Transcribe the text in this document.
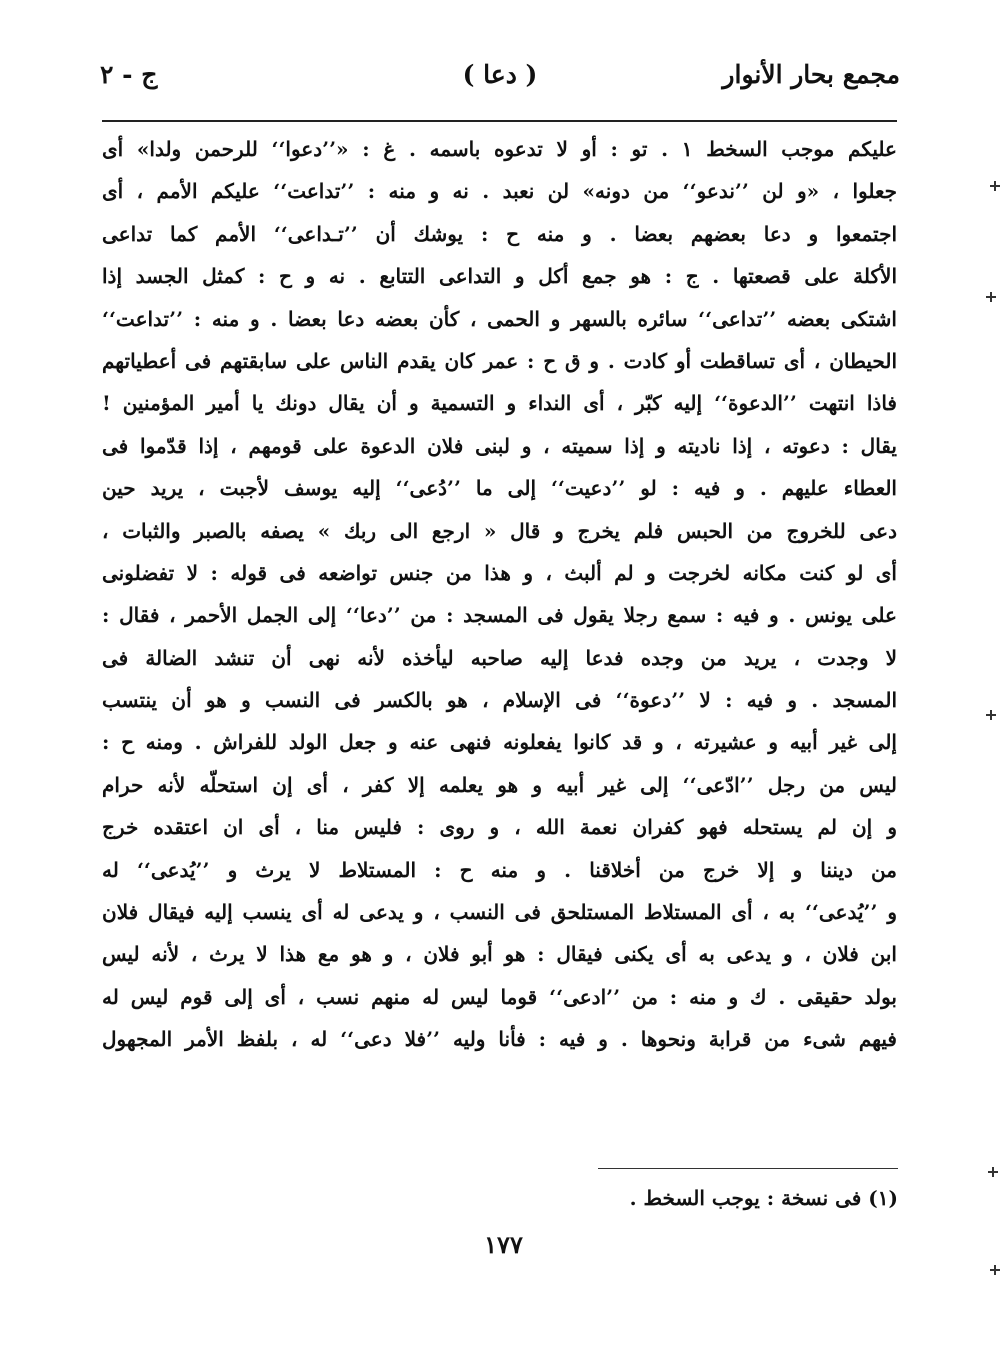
مجمع بحار الأنوار
( دعا )
ج - ٢
عليكم موجب السخط ١ . تو : أو لا تدعوه باسمه . غ : «’’دعوا‘‘ للرحمن ولدا» أى
جعلوا ، «و لن ’’ندعو‘‘ من دونه» لن نعبد . نه و منه : ’’تداعت‘‘ عليكم الأمم ، أى
اجتمعوا و دعا بعضهم بعضا . و منه ح : يوشك أن ’’تـداعى‘‘ الأمم كما تداعى
الأكلة على قصعتها . ج : هو جمع أكل و التداعى التتابع . نه و ح : كمثل الجسد إذا
اشتكى بعضه ’’تداعى‘‘ سائره بالسهر و الحمى ، كأن بعضه دعا بعضا . و منه : ’’تداعت‘‘
الحيطان ، أى تساقطت أو كادت . و ق ح : عمر كان يقدم الناس على سابقتهم فى أعطياتهم
فاذا انتهت ’’الدعوة‘‘ إليه كبّر ، أى النداء و التسمية و أن يقال دونك يا أمير المؤمنين !
يقال : دعوته ، إذا ناديته و إذا سميته ، و لبنى فلان الدعوة على قومهم ، إذا قدّموا فى
العطاء عليهم . و فيه : لو ’’دعيت‘‘ إلى ما ’’دُعى‘‘ إليه يوسف لأجبت ، يريد حين
دعى للخروج من الحبس فلم يخرج و قال « ارجع الى ربك » يصفه بالصبر والثبات ،
أى لو كنت مكانه لخرجت و لم ألبث ، و هذا من جنس تواضعه فى قوله : لا تفضلونى
على يونس . و فيه : سمع رجلا يقول فى المسجد : من ’’دعا‘‘ إلى الجمل الأحمر ، فقال :
لا وجدت ، يريد من وجده فدعا إليه صاحبه ليأخذه لأنه نهى أن تنشد الضالة فى
المسجد . و فيه : لا ’’دعوة‘‘ فى الإسلام ، هو بالكسر فى النسب و هو أن ينتسب
إلى غير أبيه و عشيرته ، و قد كانوا يفعلونه فنهى عنه و جعل الولد للفراش . ومنه ح :
ليس من رجل ’’ادّعى‘‘ إلى غير أبيه و هو يعلمه إلا كفر ، أى إن استحلّه لأنه حرام
و إن لم يستحله فهو كفران نعمة الله ، و روى : فليس منا ، أى ان اعتقده خرج
من ديننا و إلا خرج من أخلاقنا . و منه ح : المستلاط لا يرث و ’’يُدعى‘‘ له
و ’’يُدعى‘‘ به ، أى المستلاط المستلحق فى النسب ، و يدعى له أى ينسب إليه فيقال فلان
ابن فلان ، و يدعى به أى يكنى فيقال : هو أبو فلان ، و هو مع هذا لا يرث ، لأنه ليس
بولد حقيقى . ك و منه : من ’’ادعى‘‘ قوما ليس له منهم نسب ، أى إلى قوم ليس له
فيهم شىء من قرابة ونحوها . و فيه : فأنا وليه ’’فلا دعى‘‘ له ، بلفظ الأمر المجهول
(١) فى نسخة : يوجب السخط .
١٧٧
